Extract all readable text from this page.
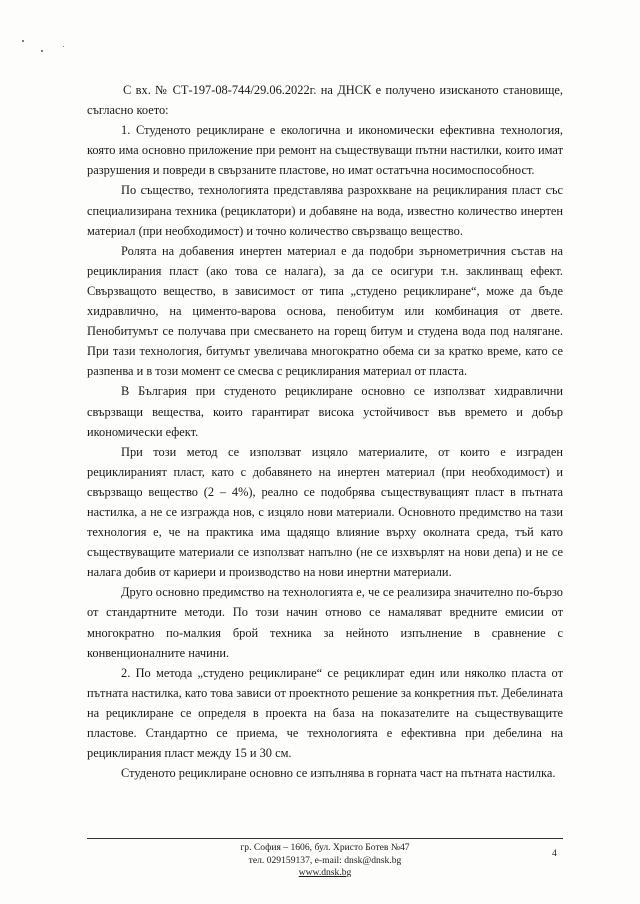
С вх. № СТ-197-08-744/29.06.2022г. на ДНСК е получено изисканото становище, съгласно което:

1. Студеното рециклиране е екологична и икономически ефективна технология, която има основно приложение при ремонт на съществуващи пътни настилки, които имат разрушения и повреди в свързаните пластове, но имат остатъчна носимоспособност.

По същество, технологията представлява разрохкване на рециклирания пласт със специализирана техника (рециклатори) и добавяне на вода, известно количество инертен материал (при необходимост) и точно количество свързващо вещество.

Ролята на добавения инертен материал е да подобри зърнометричния състав на рециклирания пласт (ако това се налага), за да се осигури т.н. заклинващ ефект. Свързващото вещество, в зависимост от типа „студено рециклиране“, може да бъде хидравлично, на цименто-варова основа, пенобитум или комбинация от двете. Пенобитумът се получава при смесването на горещ битум и студена вода под налягане. При тази технология, битумът увеличава многократно обема си за кратко време, като се разпенва и в този момент се смесва с рециклирания материал от пласта.

В България при студеното рециклиране основно се използват хидравлични свързващи вещества, които гарантират висока устойчивост във времето и добър икономически ефект.

При този метод се използват изцяло материалите, от които е изграден рециклираният пласт, като с добавянето на инертен материал (при необходимост) и свързващо вещество (2 – 4%), реално се подобрява съществуващият пласт в пътната настилка, а не се изгражда нов, с изцяло нови материали. Основното предимство на тази технология е, че на практика има щадящо влияние върху околната среда, тъй като съществуващите материали се използват напълно (не се изхвърлят на нови депа) и не се налага добив от кариери и производство на нови инертни материали.

Друго основно предимство на технологията е, че се реализира значително по-бързо от стандартните методи. По този начин отново се намаляват вредните емисии от многократно по-малкия брой техника за нейното изпълнение в сравнение с конвенционалните начини.

2. По метода „студено рециклиране“ се рециклират един или няколко пласта от пътната настилка, като това зависи от проектното решение за конкретния път. Дебелината на рециклиране се определя в проекта на база на показателите на съществуващите пластове. Стандартно се приема, че технологията е ефективна при дебелина на рециклирания пласт между 15 и 30 см.

Студеното рециклиране основно се изпълнява в горната част на пътната настилка.

гр. София – 1606, бул. Христо Ботев №47
тел. 029159137, e-mail: dnsk@dnsk.bg
www.dnsk.bg
4
